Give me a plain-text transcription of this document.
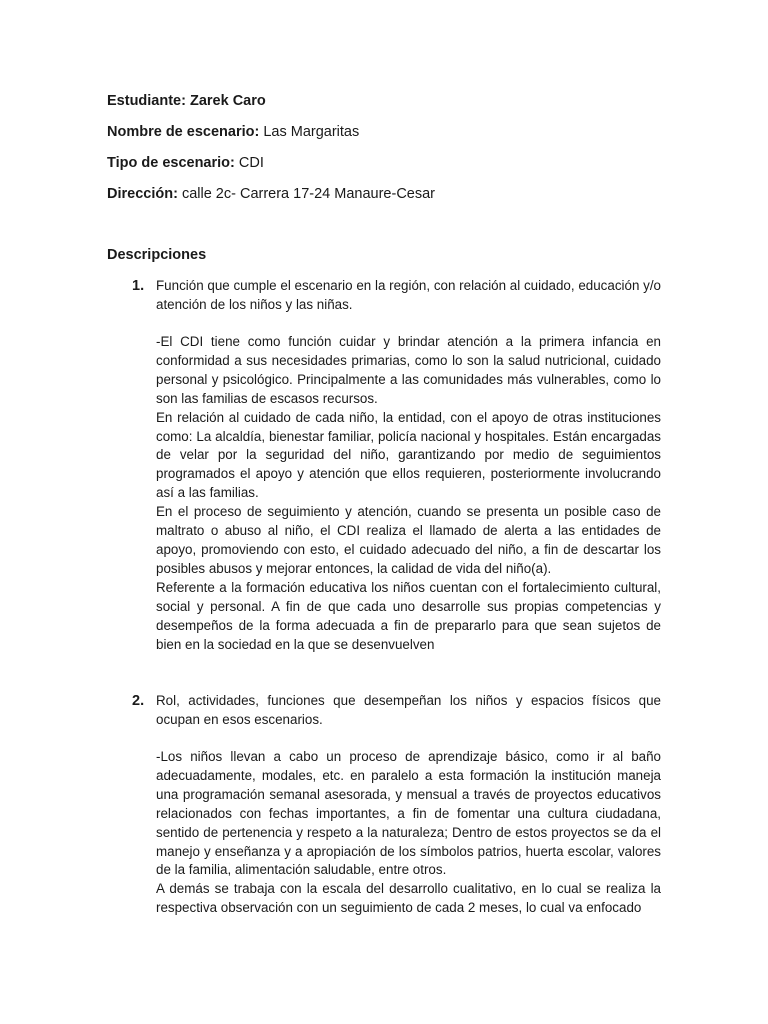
Estudiante: Zarek Caro
Nombre de escenario: Las Margaritas
Tipo de escenario: CDI
Dirección: calle 2c- Carrera 17-24 Manaure-Cesar
Descripciones
1. Función que cumple el escenario en la región, con relación al cuidado, educación y/o atención de los niños y las niñas.

-El CDI tiene como función cuidar y brindar atención a la primera infancia en conformidad a sus necesidades primarias, como lo son la salud nutricional, cuidado personal y psicológico. Principalmente a las comunidades más vulnerables, como lo son las familias de escasos recursos.

En relación al cuidado de cada niño, la entidad, con el apoyo de otras instituciones como: La alcaldía, bienestar familiar, policía nacional y hospitales. Están encargadas de velar por la seguridad del niño, garantizando por medio de seguimientos programados el apoyo y atención que ellos requieren, posteriormente involucrando así a las familias.

En el proceso de seguimiento y atención, cuando se presenta un posible caso de maltrato o abuso al niño, el CDI realiza el llamado de alerta a las entidades de apoyo, promoviendo con esto, el cuidado adecuado del niño, a fin de descartar los posibles abusos y mejorar entonces, la calidad de vida del niño(a).

Referente a la formación educativa los niños cuentan con el fortalecimiento cultural, social y personal. A fin de que cada uno desarrolle sus propias competencias y desempeños de la forma adecuada a fin de prepararlo para que sean sujetos de bien en la sociedad en la que se desenvuelven

2. Rol, actividades, funciones que desempeñan los niños y espacios físicos que ocupan en esos escenarios.

-Los niños llevan a cabo un proceso de aprendizaje básico, como ir al baño adecuadamente, modales, etc. en paralelo a esta formación la institución maneja una programación semanal asesorada, y mensual a través de proyectos educativos relacionados con fechas importantes, a fin de fomentar una cultura ciudadana, sentido de pertenencia y respeto a la naturaleza; Dentro de estos proyectos se da el manejo y enseñanza y a apropiación de los símbolos patrios, huerta escolar, valores de la familia, alimentación saludable, entre otros.

A demás se trabaja con la escala del desarrollo cualitativo, en lo cual se realiza la respectiva observación con un seguimiento de cada 2 meses, lo cual va enfocado
